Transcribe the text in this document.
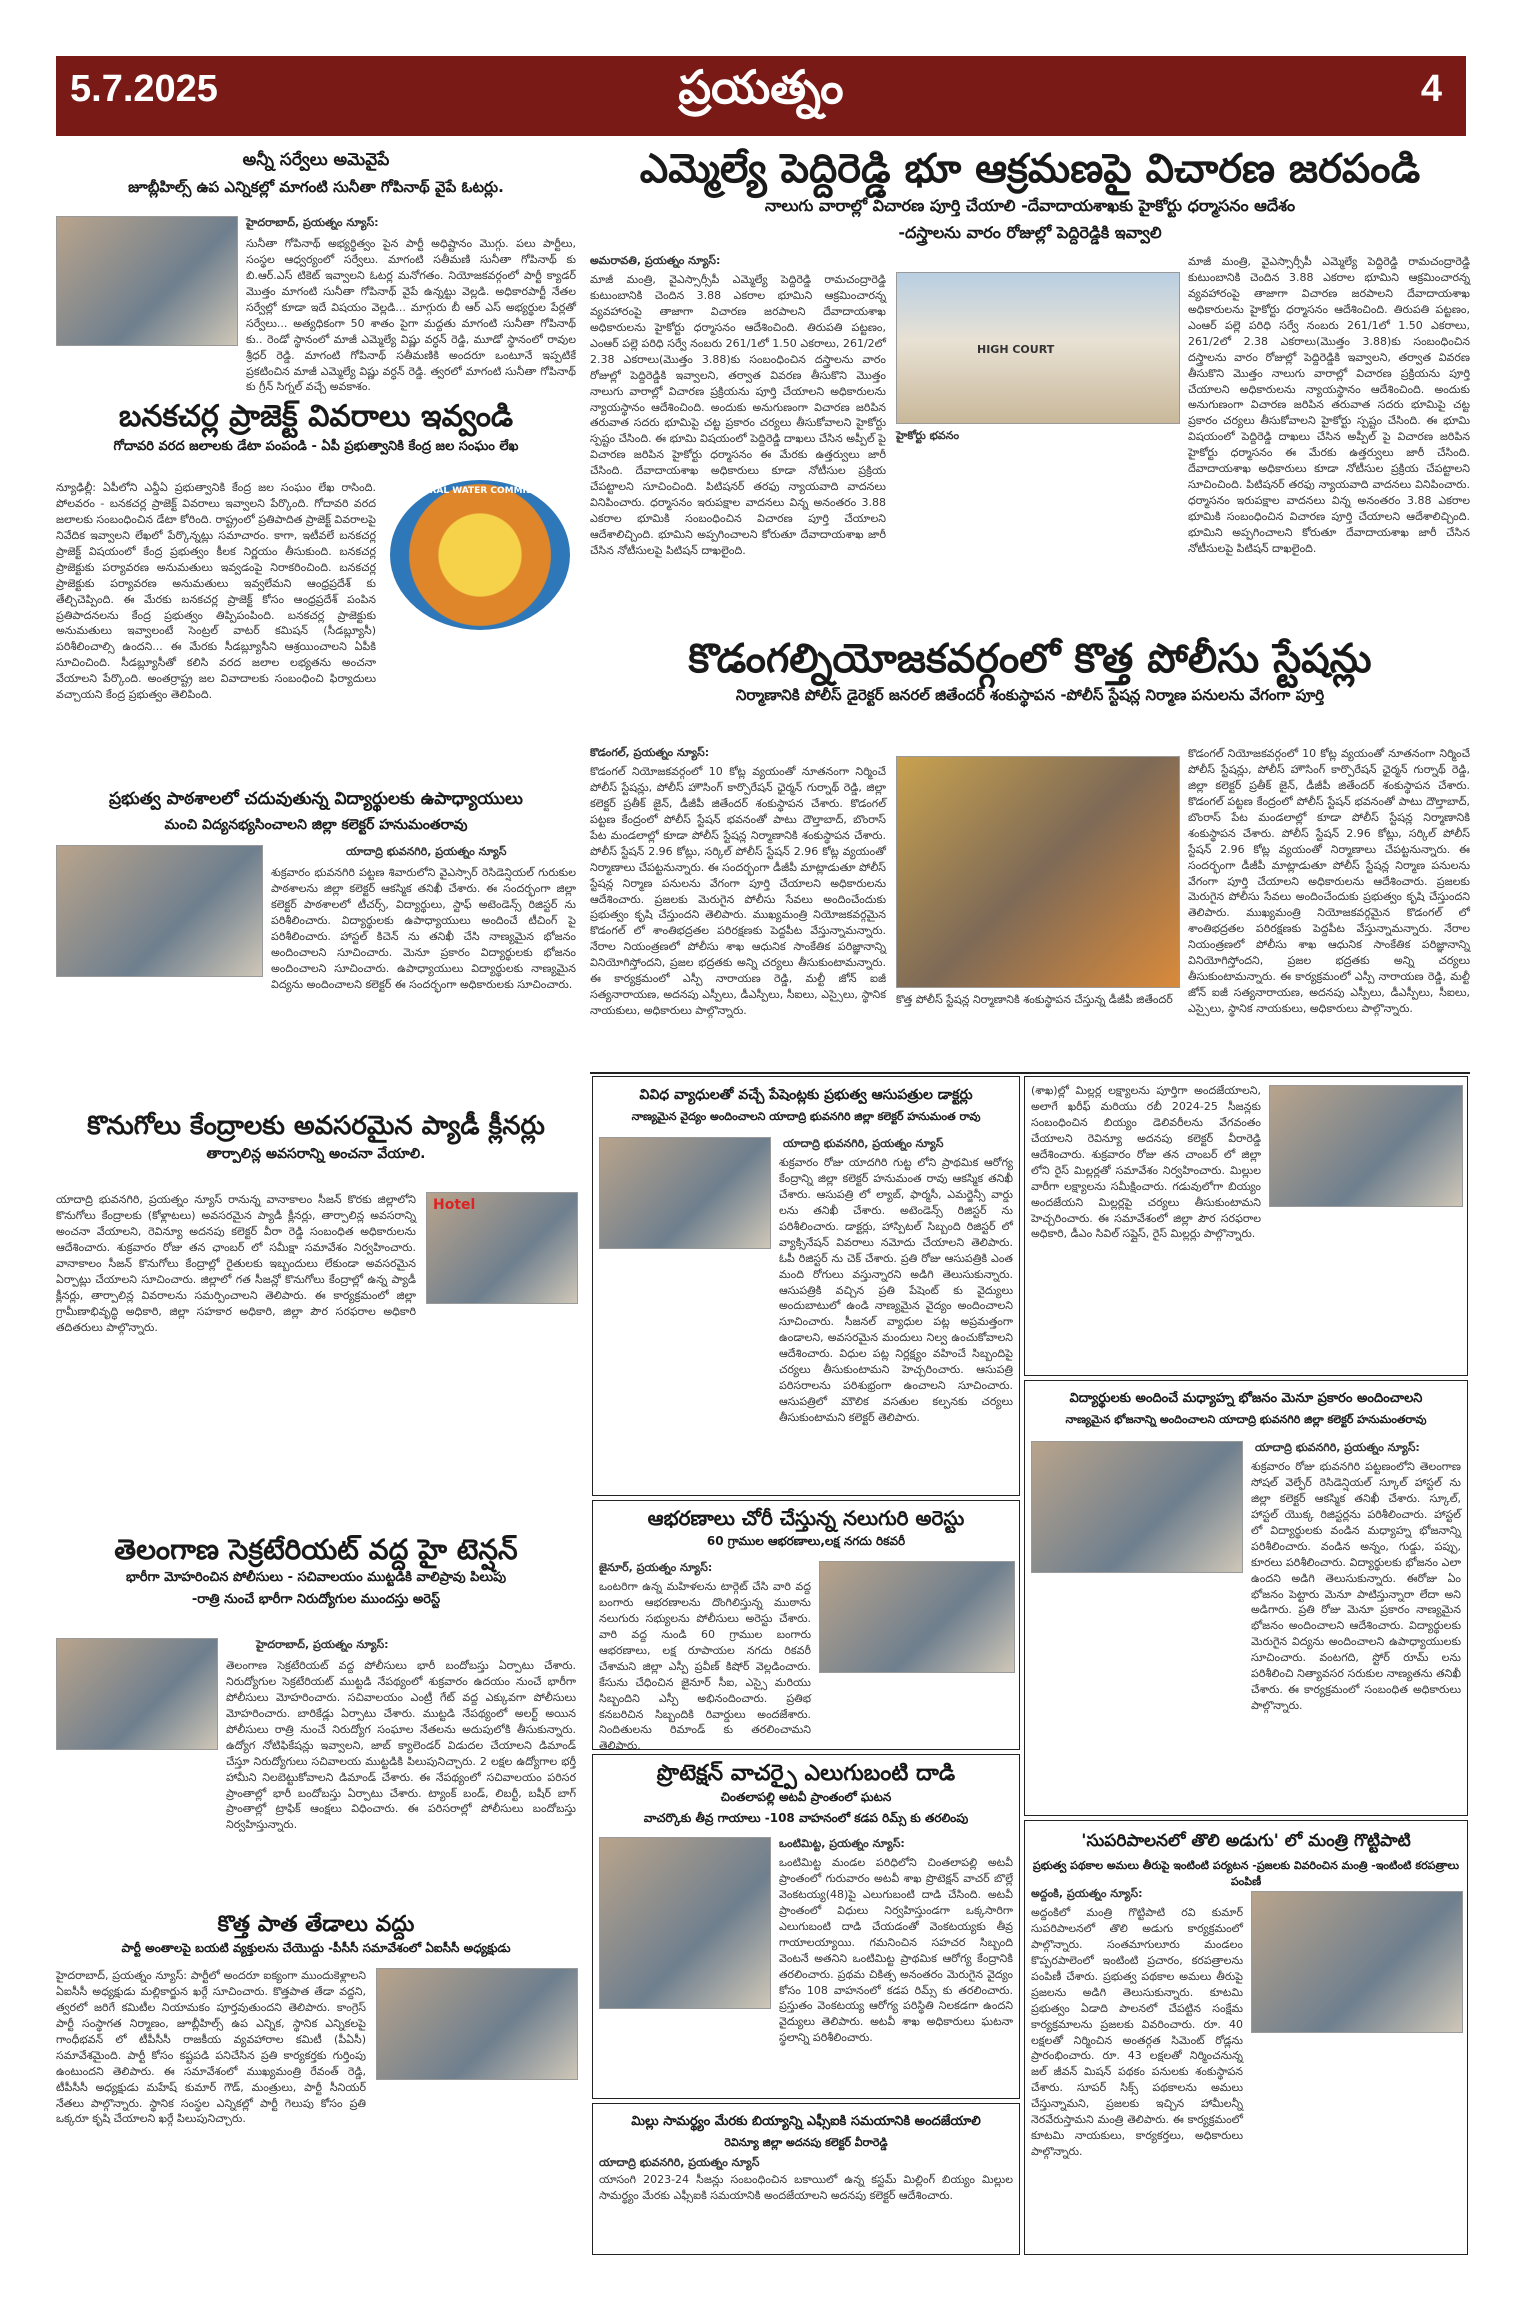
5.7.2025	ప్రయత్నం	4
అన్నీ సర్వేలు అమెవైపే
జూబ్లీహిల్స్ ఉప ఎన్నికల్లో మాగంటి సునీతా గోపినాథ్ వైపే ఓటర్లు.
హైదరాబాద్, ప్రయత్నం న్యూస్:
సునీతా గోపినాథ్ అభ్యర్థిత్వం పైన పార్టీ అధిష్టానం మొగ్గు. పలు పార్టీలు, సంస్థల ఆధ్వర్యంలో సర్వేలు. మాగంటి సతీమణి సునీతా గోపినాథ్ కు బి.ఆర్.ఎస్ టికెట్ ఇవ్వాలని ఓటర్ల మనోగతం. నియోజకవర్గంలో పార్టీ క్యాడర్ మొత్తం మాగంటి సునీతా గోపినాథ్ వైపే ఉన్నట్టు వెల్లడి. అధికారపార్టీ నేతల సర్వేల్లో కూడా ఇదే విషయం వెల్లడి... మాగ్గురు బీ ఆర్ ఎస్ అభ్యర్థుల పేర్లతో సర్వేలు... అత్యధికంగా 50 శాతం పైగా మద్దతు మాగంటి సునీతా గోపినాథ్ కు.. రెండో స్థానంలో మాజీ ఎమ్మెల్యే విష్ణు వర్ధన్ రెడ్డి, మూడో స్థానంలో రావుల శ్రీధర్ రెడ్డి. మాగంటి గోపినాథ్ సతీమణికి అందరూ ఒంటూనే ఇప్పటికే ప్రకటించిన మాజీ ఎమ్మెల్యే విష్ణు వర్ధన్ రెడ్డి. త్వరలో మాగంటి సునీతా గోపినాథ్ కు గ్రీన్ సిగ్నల్ వచ్చే అవకాశం.
బనకచర్ల ప్రాజెక్ట్ వివరాలు ఇవ్వండి
గోదావరి వరద జలాలకు డేటా పంపండి - ఏపీ ప్రభుత్వానికి కేంద్ర జల సంఘం లేఖ
CENTRAL WATER COMMISSION
న్యూఢిల్లీ: ఏపీలోని ఎన్డీఏ ప్రభుత్వానికి కేంద్ర జల సంఘం లేఖ రాసింది. పోలవరం - బనకచర్ల ప్రాజెక్ట్ వివరాలు ఇవ్వాలని పేర్కొంది. గోదావరి వరద జలాలకు సంబంధించిన డేటా కోరింది. రాష్ట్రంలో ప్రతిపాదిత ప్రాజెక్ట్ వివరాలపై నివేదిక ఇవ్వాలని లేఖలో పేర్కొన్నట్లు సమాచారం. కాగా, ఇటీవలే బనకచర్ల ప్రాజెక్ట్ విషయంలో కేంద్ర ప్రభుత్వం కీలక నిర్ణయం తీసుకుంది. బనకచర్ల ప్రాజెక్టుకు పర్యావరణ అనుమతులు ఇవ్వడంపై నిరాకరించింది. బనకచర్ల ప్రాజెక్టుకు పర్యావరణ అనుమతులు ఇవ్వలేమని ఆంధ్రప్రదేశ్ కు తేల్చిచెప్పింది. ఈ మేరకు బనకచర్ల ప్రాజెక్ట్ కోసం ఆంధ్రప్రదేశ్ పంపిన ప్రతిపాదనలను కేంద్ర ప్రభుత్వం తిప్పిపంపింది. బనకచర్ల ప్రాజెక్టుకు అనుమతులు ఇవ్వాలంటే సెంట్రల్ వాటర్ కమిషన్ (సీడబ్ల్యూసీ) పరిశీలించాల్సి ఉందని... ఈ మేరకు సీడబ్ల్యూసీని ఆశ్రయించాలని ఏపీకి సూచించింది. సీడబ్ల్యూసీతో కలిసి వరద జలాల లభ్యతను అంచనా వేయాలని పేర్కొంది. అంతర్రాష్ట్ర జల వివాదాలకు సంబంధించి ఫిర్యాదులు వచ్చాయని కేంద్ర ప్రభుత్వం తెలిపింది.
ప్రభుత్వ పాఠశాలలో చదువుతున్న విద్యార్థులకు ఉపాధ్యాయులు
మంచి విద్యనభ్యసించాలని జిల్లా కలెక్టర్ హనుమంతరావు
యాదాద్రి భువనగిరి, ప్రయత్నం న్యూస్
శుక్రవారం భువనగిరి పట్టణ శివారులోని వైఎస్సార్ రెసిడెన్షియల్ గురుకుల పాఠశాలను జిల్లా కలెక్టర్ ఆకస్మిక తనిఖీ చేశారు. ఈ సందర్భంగా జిల్లా కలెక్టర్ పాఠశాలలో టీచర్స్, విద్యార్థులు, స్టాఫ్ అటెండెన్స్ రిజిస్టర్ ను పరిశీలించారు. విద్యార్థులకు ఉపాధ్యాయులు అందించే టీచింగ్ పై పరిశీలించారు. హాస్టల్ కిచెన్ ను తనిఖీ చేసి నాణ్యమైన భోజనం అందించాలని సూచించారు. మెనూ ప్రకారం విద్యార్థులకు భోజనం అందించాలని సూచించారు. ఉపాధ్యాయులు విద్యార్థులకు నాణ్యమైన విద్యను అందించాలని కలెక్టర్ ఈ సందర్భంగా అధికారులకు సూచించారు.
కొనుగోలు కేంద్రాలకు అవసరమైన ప్యాడీ క్లీనర్లు
తార్పాలిన్ల అవసరాన్ని అంచనా వేయాలి.
Hotel
యాదాద్రి భువనగిరి, ప్రయత్నం న్యూస్ రానున్న వానాకాలం సీజన్ కొరకు జిల్లాలోని కొనుగోలు కేంద్రాలకు (కోళ్లాటలు) అవసరమైన ప్యాడీ క్లీనర్లు, తార్పాలిన్ల అవసరాన్ని అంచనా వేయాలని, రెవిన్యూ అదనపు కలెక్టర్ వీరా రెడ్డి సంబంధిత అధికారులను ఆదేశించారు. శుక్రవారం రోజు తన ఛాంబర్ లో సమీక్షా సమావేశం నిర్వహించారు. వానాకాలం సీజన్ కొనుగోలు కేంద్రాల్లో రైతులకు ఇబ్బందులు లేకుండా అవసరమైన ఏర్పాట్లు చేయాలని సూచించారు. జిల్లాలో గత సీజన్లో కొనుగోలు కేంద్రాల్లో ఉన్న ప్యాడీ క్లీనర్లు, తార్పాలిన్ల వివరాలను సమర్పించాలని తెలిపారు. ఈ కార్యక్రమంలో జిల్లా గ్రామీణాభివృద్ధి అధికారి, జిల్లా సహకార అధికారి, జిల్లా పౌర సరఫరాల అధికారి తదితరులు పాల్గొన్నారు.
తెలంగాణ సెక్రటేరియట్ వద్ద హై టెన్షన్
భారీగా మోహరించిన పోలీసులు - సచివాలయం ముట్టడికి వాలిప్రావు పిలుపు
-రాత్రి నుంచే భారీగా నిరుద్యోగుల ముందస్తు అరెస్ట్
హైదరాబాద్, ప్రయత్నం న్యూస్:
తెలంగాణ సెక్రటేరియట్ వద్ద పోలీసులు భారీ బందోబస్తు ఏర్పాటు చేశారు. నిరుద్యోగుల సెక్రటేరియట్ ముట్టడి నేపథ్యంలో శుక్రవారం ఉదయం నుంచే భారీగా పోలీసులు మోహరించారు. సచివాలయం ఎంట్రీ గేట్ వద్ద ఎక్కువగా పోలీసులు మోహరించారు. బారికేడ్లు ఏర్పాటు చేశారు. ముట్టడి నేపథ్యంలో అలర్ట్ అయిన పోలీసులు రాత్రి నుంచే నిరుద్యోగ సంఘాల నేతలను అదుపులోకి తీసుకున్నారు. ఉద్యోగ నోటిఫికేషన్లు ఇవ్వాలని, జాబ్ క్యాలెండర్ విడుదల చేయాలని డిమాండ్ చేస్తూ నిరుద్యోగులు సచివాలయ ముట్టడికి పిలుపునిచ్చారు. 2 లక్షల ఉద్యోగాల భర్తీ హామీని నిలబెట్టుకోవాలని డిమాండ్ చేశారు. ఈ నేపథ్యంలో సచివాలయం పరిసర ప్రాంతాల్లో భారీ బందోబస్తు ఏర్పాటు చేశారు. ట్యాంక్ బండ్, లిబర్టీ, బషీర్ బాగ్ ప్రాంతాల్లో ట్రాఫిక్ ఆంక్షలు విధించారు. ఈ పరిసరాల్లో పోలీసులు బందోబస్తు నిర్వహిస్తున్నారు.
కొత్త పాత తేడాలు వద్దు
పార్టీ అంతాలపై బయటి వ్యక్తులను చేయొద్దు -పీసీసీ సమావేశంలో ఏఐసీసీ అధ్యక్షుడు
హైదరాబాద్, ప్రయత్నం న్యూస్: పార్టీలో అందరూ ఐక్యంగా ముందుకెళ్లాలని ఏఐసీసీ అధ్యక్షుడు మల్లికార్జున ఖర్గే సూచించారు. కొత్తపాత తేడా వద్దని, త్వరలో జరిగే కమిటీల నియామకం పూర్తవుతుందని తెలిపారు. కాంగ్రెస్ పార్టీ సంస్థాగత నిర్మాణం, జూబ్లీహిల్స్ ఉప ఎన్నిక, స్థానిక ఎన్నికలపై గాంధీభవన్ లో టీపీసీసీ రాజకీయ వ్యవహారాల కమిటీ (పీఏసీ) సమావేశమైంది. పార్టీ కోసం కష్టపడి పనిచేసిన ప్రతి కార్యకర్తకు గుర్తింపు ఉంటుందని తెలిపారు. ఈ సమావేశంలో ముఖ్యమంత్రి రేవంత్ రెడ్డి, టీపీసీసీ అధ్యక్షుడు మహేష్ కుమార్ గౌడ్, మంత్రులు, పార్టీ సీనియర్ నేతలు పాల్గొన్నారు. స్థానిక సంస్థల ఎన్నికల్లో పార్టీ గెలుపు కోసం ప్రతి ఒక్కరూ కృషి చేయాలని ఖర్గే పిలుపునిచ్చారు.
ఎమ్మెల్యే పెద్దిరెడ్డి భూ ఆక్రమణపై విచారణ జరపండి
నాలుగు వారాల్లో విచారణ పూర్తి చేయాలి -దేవాదాయశాఖకు హైకోర్టు ధర్మాసనం ఆదేశం
-దస్త్రాలను వారం రోజుల్లో పెద్దిరెడ్డికి ఇవ్వాలి
అమరావతి, ప్రయత్నం న్యూస్:
HIGH COURT
హైకోర్టు భవనం
మాజీ మంత్రి, వైఎస్సార్సీపీ ఎమ్మెల్యే పెద్దిరెడ్డి రామచంద్రారెడ్డి కుటుంబానికి చెందిన 3.88 ఎకరాల భూమిని ఆక్రమించారన్న వ్యవహారంపై తాజాగా విచారణ జరపాలని దేవాదాయశాఖ అధికారులను హైకోర్టు ధర్మాసనం ఆదేశించింది. తిరుపతి పట్టణం, ఎంఆర్ పల్లె పరిధి సర్వే నంబరు 261/1లో 1.50 ఎకరాలు, 261/2లో 2.38 ఎకరాలు(మొత్తం 3.88)కు సంబంధించిన దస్త్రాలను వారం రోజుల్లో పెద్దిరెడ్డికి ఇవ్వాలని, తర్వాత వివరణ తీసుకొని మొత్తం నాలుగు వారాల్లో విచారణ ప్రక్రియను పూర్తి చేయాలని అధికారులను న్యాయస్థానం ఆదేశించింది. అందుకు అనుగుణంగా విచారణ జరిపిన తరువాత సదరు భూమిపై చట్ట ప్రకారం చర్యలు తీసుకోవాలని హైకోర్టు స్పష్టం చేసింది. ఈ భూమి విషయంలో పెద్దిరెడ్డి దాఖలు చేసిన అప్పీల్ పై విచారణ జరిపిన హైకోర్టు ధర్మాసనం ఈ మేరకు ఉత్తర్వులు జారీ చేసింది. దేవాదాయశాఖ అధికారులు కూడా నోటీసుల ప్రక్రియ చేపట్టాలని సూచించింది. పిటిషనర్ తరఫు న్యాయవాది వాదనలు వినిపించారు. ధర్మాసనం ఇరుపక్షాల వాదనలు విన్న అనంతరం 3.88 ఎకరాల భూమికి సంబంధించిన విచారణ పూర్తి చేయాలని ఆదేశాలిచ్చింది. భూమిని అప్పగించాలని కోరుతూ దేవాదాయశాఖ జారీ చేసిన నోటీసులపై పిటిషన్ దాఖలైంది.
మాజీ మంత్రి, వైఎస్సార్సీపీ ఎమ్మెల్యే పెద్దిరెడ్డి రామచంద్రారెడ్డి కుటుంబానికి చెందిన 3.88 ఎకరాల భూమిని ఆక్రమించారన్న వ్యవహారంపై తాజాగా విచారణ జరపాలని దేవాదాయశాఖ అధికారులను హైకోర్టు ధర్మాసనం ఆదేశించింది. తిరుపతి పట్టణం, ఎంఆర్ పల్లె పరిధి సర్వే నంబరు 261/1లో 1.50 ఎకరాలు, 261/2లో 2.38 ఎకరాలు(మొత్తం 3.88)కు సంబంధించిన దస్త్రాలను వారం రోజుల్లో పెద్దిరెడ్డికి ఇవ్వాలని, తర్వాత వివరణ తీసుకొని మొత్తం నాలుగు వారాల్లో విచారణ ప్రక్రియను పూర్తి చేయాలని అధికారులను న్యాయస్థానం ఆదేశించింది. అందుకు అనుగుణంగా విచారణ జరిపిన తరువాత సదరు భూమిపై చట్ట ప్రకారం చర్యలు తీసుకోవాలని హైకోర్టు స్పష్టం చేసింది. ఈ భూమి విషయంలో పెద్దిరెడ్డి దాఖలు చేసిన అప్పీల్ పై విచారణ జరిపిన హైకోర్టు ధర్మాసనం ఈ మేరకు ఉత్తర్వులు జారీ చేసింది. దేవాదాయశాఖ అధికారులు కూడా నోటీసుల ప్రక్రియ చేపట్టాలని సూచించింది. పిటిషనర్ తరఫు న్యాయవాది వాదనలు వినిపించారు. ధర్మాసనం ఇరుపక్షాల వాదనలు విన్న అనంతరం 3.88 ఎకరాల భూమికి సంబంధించిన విచారణ పూర్తి చేయాలని ఆదేశాలిచ్చింది. భూమిని అప్పగించాలని కోరుతూ దేవాదాయశాఖ జారీ చేసిన నోటీసులపై పిటిషన్ దాఖలైంది.
కొడంగల్నియోజకవర్గంలో కొత్త పోలీసు స్టేషన్లు
నిర్మాణానికి పోలీస్ డైరెక్టర్ జనరల్ జితేందర్ శంకుస్థాపన -పోలీస్ స్టేషన్ల నిర్మాణ పనులను వేగంగా పూర్తి
కొడంగల్, ప్రయత్నం న్యూస్:
కొత్త పోలీస్ స్టేషన్ల నిర్మాణానికి శంకుస్థాపన చేస్తున్న డీజీపీ జితేందర్
కొడంగల్ నియోజకవర్గంలో 10 కోట్ల వ్యయంతో నూతనంగా నిర్మించే పోలీస్ స్టేషన్లు, పోలీస్ హౌసింగ్ కార్పొరేషన్ ఛైర్మన్ గుర్నాథ్ రెడ్డి, జిల్లా కలెక్టర్ ప్రతీక్ జైన్, డీజీపీ జితేందర్ శంకుస్థాపన చేశారు. కొడంగల్ పట్టణ కేంద్రంలో పోలీస్ స్టేషన్ భవనంతో పాటు దౌల్తాబాద్, బొంరాస్ పేట మండలాల్లో కూడా పోలీస్ స్టేషన్ల నిర్మాణానికి శంకుస్థాపన చేశారు. పోలీస్ స్టేషన్ 2.96 కోట్లు, సర్కిల్ పోలీస్ స్టేషన్ 2.96 కోట్ల వ్యయంతో నిర్మాణాలు చేపట్టనున్నారు. ఈ సందర్భంగా డీజీపీ మాట్లాడుతూ పోలీస్ స్టేషన్ల నిర్మాణ పనులను వేగంగా పూర్తి చేయాలని అధికారులను ఆదేశించారు. ప్రజలకు మెరుగైన పోలీసు సేవలు అందించేందుకు ప్రభుత్వం కృషి చేస్తుందని తెలిపారు. ముఖ్యమంత్రి నియోజకవర్గమైన కొడంగల్ లో శాంతిభద్రతల పరిరక్షణకు పెద్దపీట వేస్తున్నామన్నారు. నేరాల నియంత్రణలో పోలీసు శాఖ ఆధునిక సాంకేతిక పరిజ్ఞానాన్ని వినియోగిస్తోందని, ప్రజల భద్రతకు అన్ని చర్యలు తీసుకుంటామన్నారు. ఈ కార్యక్రమంలో ఎస్పీ నారాయణ రెడ్డి, మల్టీ జోన్ ఐజీ సత్యనారాయణ, అదనపు ఎస్పీలు, డీఎస్పీలు, సీఐలు, ఎస్సైలు, స్థానిక నాయకులు, అధికారులు పాల్గొన్నారు.
కొడంగల్ నియోజకవర్గంలో 10 కోట్ల వ్యయంతో నూతనంగా నిర్మించే పోలీస్ స్టేషన్లు, పోలీస్ హౌసింగ్ కార్పొరేషన్ ఛైర్మన్ గుర్నాథ్ రెడ్డి, జిల్లా కలెక్టర్ ప్రతీక్ జైన్, డీజీపీ జితేందర్ శంకుస్థాపన చేశారు. కొడంగల్ పట్టణ కేంద్రంలో పోలీస్ స్టేషన్ భవనంతో పాటు దౌల్తాబాద్, బొంరాస్ పేట మండలాల్లో కూడా పోలీస్ స్టేషన్ల నిర్మాణానికి శంకుస్థాపన చేశారు. పోలీస్ స్టేషన్ 2.96 కోట్లు, సర్కిల్ పోలీస్ స్టేషన్ 2.96 కోట్ల వ్యయంతో నిర్మాణాలు చేపట్టనున్నారు. ఈ సందర్భంగా డీజీపీ మాట్లాడుతూ పోలీస్ స్టేషన్ల నిర్మాణ పనులను వేగంగా పూర్తి చేయాలని అధికారులను ఆదేశించారు. ప్రజలకు మెరుగైన పోలీసు సేవలు అందించేందుకు ప్రభుత్వం కృషి చేస్తుందని తెలిపారు. ముఖ్యమంత్రి నియోజకవర్గమైన కొడంగల్ లో శాంతిభద్రతల పరిరక్షణకు పెద్దపీట వేస్తున్నామన్నారు. నేరాల నియంత్రణలో పోలీసు శాఖ ఆధునిక సాంకేతిక పరిజ్ఞానాన్ని వినియోగిస్తోందని, ప్రజల భద్రతకు అన్ని చర్యలు తీసుకుంటామన్నారు. ఈ కార్యక్రమంలో ఎస్పీ నారాయణ రెడ్డి, మల్టీ జోన్ ఐజీ సత్యనారాయణ, అదనపు ఎస్పీలు, డీఎస్పీలు, సీఐలు, ఎస్సైలు, స్థానిక నాయకులు, అధికారులు పాల్గొన్నారు.
వివిధ వ్యాధులతో వచ్చే పేషెంట్లకు ప్రభుత్వ ఆసుపత్రుల డాక్టర్లు
నాణ్యమైన వైద్యం అందించాలని యాదాద్రి భువనగిరి జిల్లా కలెక్టర్ హనుమంత రావు
యాదాద్రి భువనగిరి, ప్రయత్నం న్యూస్
శుక్రవారం రోజు యాదగిరి గుట్ట లోని ప్రాథమిక ఆరోగ్య కేంద్రాన్ని జిల్లా కలెక్టర్ హనుమంత రావు ఆకస్మిక తనిఖీ చేశారు. ఆసుపత్రి లో ల్యాబ్, ఫార్మసీ, ఎమర్జెన్సీ వార్డు లను తనిఖీ చేశారు. అటెండెన్స్ రిజిస్టర్ ను పరిశీలించారు. డాక్టర్లు, హాస్పిటల్ సిబ్బంది రిజిస్టర్ లో వ్యాక్సినేషన్ వివరాలు నమోదు చేయాలని తెలిపారు. ఓపీ రిజిస్టర్ ను చెక్ చేశారు. ప్రతి రోజు ఆసుపత్రికి ఎంత మంది రోగులు వస్తున్నారని అడిగి తెలుసుకున్నారు. ఆసుపత్రికి వచ్చిన ప్రతి పేషెంట్ కు వైద్యులు అందుబాటులో ఉండి నాణ్యమైన వైద్యం అందించాలని సూచించారు. సీజనల్ వ్యాధుల పట్ల అప్రమత్తంగా ఉండాలని, అవసరమైన మందులు నిల్వ ఉంచుకోవాలని ఆదేశించారు. విధుల పట్ల నిర్లక్ష్యం వహించే సిబ్బందిపై చర్యలు తీసుకుంటామని హెచ్చరించారు. ఆసుపత్రి పరిసరాలను పరిశుభ్రంగా ఉంచాలని సూచించారు. ఆసుపత్రిలో మౌలిక వసతుల కల్పనకు చర్యలు తీసుకుంటామని కలెక్టర్ తెలిపారు.
ఆభరణాలు చోరీ చేస్తున్న నలుగురి అరెస్టు
60 గ్రాముల ఆభరణాలు,లక్ష నగదు రికవరీ
జైనూర్, ప్రయత్నం న్యూస్:
ఒంటరిగా ఉన్న మహిళలను టార్గెట్ చేసి వారి వద్ద బంగారు ఆభరణాలను దొంగిలిస్తున్న ముఠాను నలుగురు సభ్యులను పోలీసులు అరెస్టు చేశారు. వారి వద్ద నుండి 60 గ్రాముల బంగారు ఆభరణాలు, లక్ష రూపాయల నగదు రికవరీ చేశామని జిల్లా ఎస్పీ ప్రవీణ్ కిషోర్ వెల్లడించారు. కేసును చేధించిన జైనూర్ సీఐ, ఎస్సై మరియు సిబ్బందిని ఎస్పీ అభినందించారు. ప్రతిభ కనబరిచిన సిబ్బందికి రివార్డులు అందజేశారు. నిందితులను రిమాండ్ కు తరలించామని తెలిపారు.
ప్రొటెక్షన్ వాచర్పై ఎలుగుబంటి దాడి
చింతలాపల్లి అటవీ ప్రాంతంలో ఘటన
వాచర్కొకు తీవ్ర గాయాలు -108 వాహనంలో కడప రిమ్స్ కు తరలింపు
ఒంటిమిట్ట, ప్రయత్నం న్యూస్:
ఒంటిమిట్ట మండల పరిధిలోని చింతలాపల్లి అటవీ ప్రాంతంలో గురువారం అటవీ శాఖ ప్రొటెక్షన్ వాచర్ బొల్లే వెంకటయ్య(48)పై ఎలుగుబంటి దాడి చేసింది. అటవీ ప్రాంతంలో విధులు నిర్వహిస్తుండగా ఒక్కసారిగా ఎలుగుబంటి దాడి చేయడంతో వెంకటయ్యకు తీవ్ర గాయాలయ్యాయి. గమనించిన సహచర సిబ్బంది వెంటనే అతనిని ఒంటిమిట్ట ప్రాథమిక ఆరోగ్య కేంద్రానికి తరలించారు. ప్రథమ చికిత్స అనంతరం మెరుగైన వైద్యం కోసం 108 వాహనంలో కడప రిమ్స్ కు తరలించారు. ప్రస్తుతం వెంకటయ్య ఆరోగ్య పరిస్థితి నిలకడగా ఉందని వైద్యులు తెలిపారు. అటవీ శాఖ అధికారులు ఘటనా స్థలాన్ని పరిశీలించారు.
మిల్లు సామర్థ్యం మేరకు బియ్యాన్ని ఎఫ్సీఐకి సమయానికి అందజేయాలి
రెవిన్యూ జిల్లా అదనపు కలెక్టర్ వీరారెడ్డి
యాదాద్రి భువనగిరి, ప్రయత్నం న్యూస్
యాసంగి 2023-24 సీజన్లు సంబంధించిన బకాయిలో ఉన్న కస్టమ్ మిల్లింగ్ బియ్యం మిల్లుల సామర్థ్యం మేరకు ఎఫ్సీఐకి సమయానికి అందజేయాలని అదనపు కలెక్టర్ ఆదేశించారు.
(శాఖ)ల్లో మిల్లర్ల లక్ష్యాలను పూర్తిగా అందజేయాలని, అలాగే ఖరీఫ్ మరియు రబీ 2024-25 సీజన్లకు సంబంధించిన బియ్యం డెలివరీలను వేగవంతం చేయాలని రెవిన్యూ అదనపు కలెక్టర్ వీరారెడ్డి ఆదేశించారు. శుక్రవారం రోజు తన చాంబర్ లో జిల్లా లోని రైస్ మిల్లర్లతో సమావేశం నిర్వహించారు. మిల్లుల వారీగా లక్ష్యాలను సమీక్షించారు. గడువులోగా బియ్యం అందజేయని మిల్లర్లపై చర్యలు తీసుకుంటామని హెచ్చరించారు. ఈ సమావేశంలో జిల్లా పౌర సరఫరాల అధికారి, డీఎం సివిల్ సప్లైస్, రైస్ మిల్లర్లు పాల్గొన్నారు.
విద్యార్థులకు అందించే మధ్యాహ్న భోజనం మెనూ ప్రకారం అందించాలని
నాణ్యమైన భోజనాన్ని అందించాలని యాదాద్రి భువనగిరి జిల్లా కలెక్టర్ హనుమంతరావు
యాదాద్రి భువనగిరి, ప్రయత్నం న్యూస్:
శుక్రవారం రోజు భువనగిరి పట్టణంలోని తెలంగాణ సోషల్ వెల్ఫేర్ రెసిడెన్షియల్ స్కూల్ హాస్టల్ ను జిల్లా కలెక్టర్ ఆకస్మిక తనిఖీ చేశారు. స్కూల్, హాస్టల్ యొక్క రిజిస్టర్లను పరిశీలించారు. హాస్టల్ లో విద్యార్థులకు వండిన మధ్యాహ్న భోజనాన్ని పరిశీలించారు. వండిన అన్నం, గుడ్డు, పప్పు, కూరలు పరిశీలించారు. విద్యార్థులకు భోజనం ఎలా ఉందని అడిగి తెలుసుకున్నారు. ఈరోజు ఏం భోజనం పెట్టారు మెనూ పాటిస్తున్నారా లేదా అని అడిగారు. ప్రతి రోజు మెనూ ప్రకారం నాణ్యమైన భోజనం అందించాలని ఆదేశించారు. విద్యార్థులకు మెరుగైన విద్యను అందించాలని ఉపాధ్యాయులకు సూచించారు. వంటగది, స్టోర్ రూమ్ లను పరిశీలించి నిత్యావసర సరుకుల నాణ్యతను తనిఖీ చేశారు. ఈ కార్యక్రమంలో సంబంధిత అధికారులు పాల్గొన్నారు.
'సుపరిపాలనలో తొలి అడుగు' లో మంత్రి గొట్టిపాటి
ప్రభుత్వ పథకాల అమలు తీరుపై ఇంటింటి పర్యటన -ప్రజలకు వివరించిన మంత్రి -ఇంటింటి కరపత్రాలు పంపిణీ
అద్దంకి, ప్రయత్నం న్యూస్:
అద్దంకిలో మంత్రి గొట్టిపాటి రవి కుమార్ సుపరిపాలనలో తొలి అడుగు కార్యక్రమంలో పాల్గొన్నారు. సంతమాగులూరు మండలం కొప్పరపాలెంలో ఇంటింటి ప్రచారం, కరపత్రాలను పంపిణీ చేశారు. ప్రభుత్వ పథకాల అమలు తీరుపై ప్రజలను అడిగి తెలుసుకున్నారు. కూటమి ప్రభుత్వం ఏడాది పాలనలో చేపట్టిన సంక్షేమ కార్యక్రమాలను ప్రజలకు వివరించారు. రూ. 40 లక్షలతో నిర్మించిన అంతర్గత సిమెంట్ రోడ్లను ప్రారంభించారు. రూ. 43 లక్షలతో నిర్మించనున్న జల్ జీవన్ మిషన్ పథకం పనులకు శంకుస్థాపన చేశారు. సూపర్ సిక్స్ పథకాలను అమలు చేస్తున్నామని, ప్రజలకు ఇచ్చిన హామీలన్నీ నెరవేరుస్తామని మంత్రి తెలిపారు. ఈ కార్యక్రమంలో కూటమి నాయకులు, కార్యకర్తలు, అధికారులు పాల్గొన్నారు.
